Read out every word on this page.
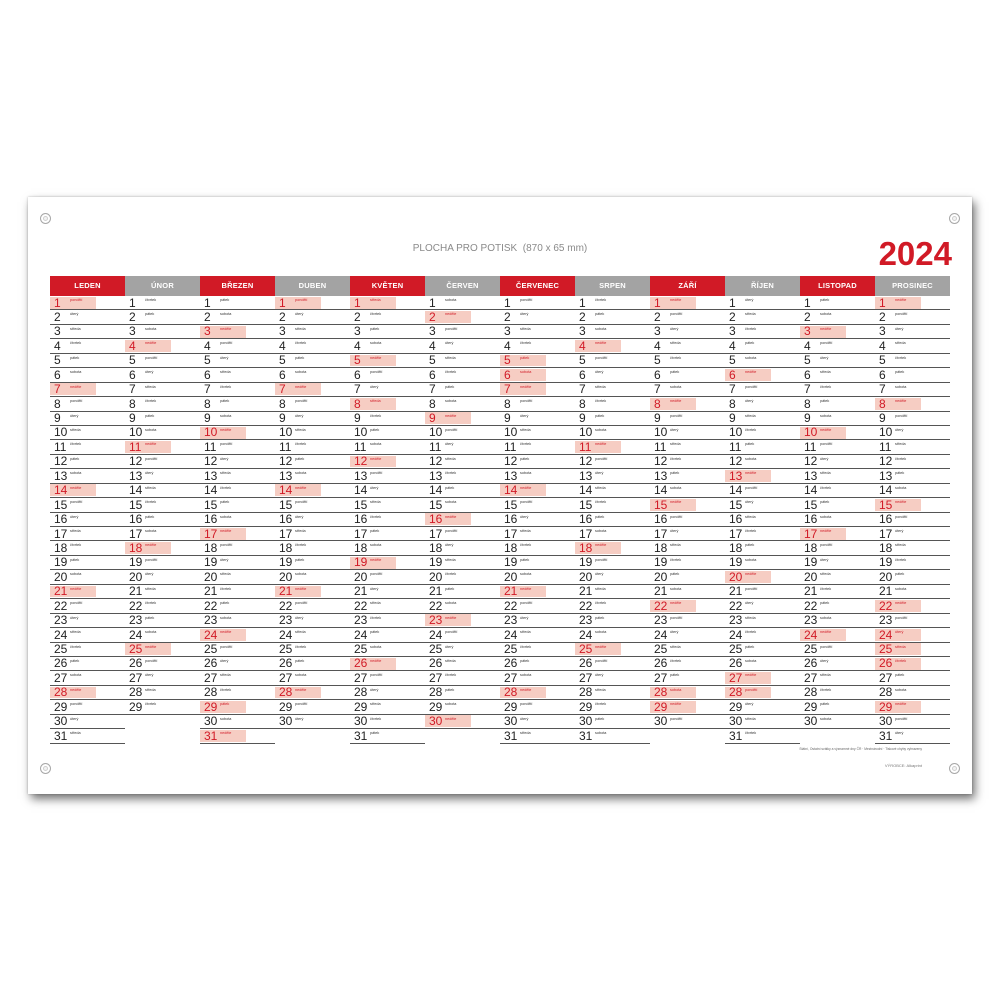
PLOCHA PRO POTISK (870 x 65 mm)	2024
LEDEN
1 pondělí
2 úterý
3 středa
4 čtvrtek
5 pátek
6 sobota
7 neděle
8 pondělí
9 úterý
10 středa
11 čtvrtek
12 pátek
13 sobota
14 neděle
15 pondělí
16 úterý
17 středa
18 čtvrtek
19 pátek
20 sobota
21 neděle
22 pondělí
23 úterý
24 středa
25 čtvrtek
26 pátek
27 sobota
28 neděle
29 pondělí
30 úterý
31 středa
ÚNOR
1 čtvrtek
2 pátek
3 sobota
4 neděle
5 pondělí
6 úterý
7 středa
8 čtvrtek
9 pátek
10 sobota
11 neděle
12 pondělí
13 úterý
14 středa
15 čtvrtek
16 pátek
17 sobota
18 neděle
19 pondělí
20 úterý
21 středa
22 čtvrtek
23 pátek
24 sobota
25 neděle
26 pondělí
27 úterý
28 středa
29 čtvrtek
BŘEZEN
1 pátek
2 sobota
3 neděle
4 pondělí
5 úterý
6 středa
7 čtvrtek
8 pátek
9 sobota
10 neděle
11 pondělí
12 úterý
13 středa
14 čtvrtek
15 pátek
16 sobota
17 neděle
18 pondělí
19 úterý
20 středa
21 čtvrtek
22 pátek
23 sobota
24 neděle
25 pondělí
26 úterý
27 středa
28 čtvrtek
29 pátek
30 sobota
31 neděle
DUBEN
1 pondělí
2 úterý
3 středa
4 čtvrtek
5 pátek
6 sobota
7 neděle
8 pondělí
9 úterý
10 středa
11 čtvrtek
12 pátek
13 sobota
14 neděle
15 pondělí
16 úterý
17 středa
18 čtvrtek
19 pátek
20 sobota
21 neděle
22 pondělí
23 úterý
24 středa
25 čtvrtek
26 pátek
27 sobota
28 neděle
29 pondělí
30 úterý
KVĚTEN
1 středa
2 čtvrtek
3 pátek
4 sobota
5 neděle
6 pondělí
7 úterý
8 středa
9 čtvrtek
10 pátek
11 sobota
12 neděle
13 pondělí
14 úterý
15 středa
16 čtvrtek
17 pátek
18 sobota
19 neděle
20 pondělí
21 úterý
22 středa
23 čtvrtek
24 pátek
25 sobota
26 neděle
27 pondělí
28 úterý
29 středa
30 čtvrtek
31 pátek
ČERVEN
1 sobota
2 neděle
3 pondělí
4 úterý
5 středa
6 čtvrtek
7 pátek
8 sobota
9 neděle
10 pondělí
11 úterý
12 středa
13 čtvrtek
14 pátek
15 sobota
16 neděle
17 pondělí
18 úterý
19 středa
20 čtvrtek
21 pátek
22 sobota
23 neděle
24 pondělí
25 úterý
26 středa
27 čtvrtek
28 pátek
29 sobota
30 neděle
ČERVENEC
1 pondělí
2 úterý
3 středa
4 čtvrtek
5 pátek
6 sobota
7 neděle
8 pondělí
9 úterý
10 středa
11 čtvrtek
12 pátek
13 sobota
14 neděle
15 pondělí
16 úterý
17 středa
18 čtvrtek
19 pátek
20 sobota
21 neděle
22 pondělí
23 úterý
24 středa
25 čtvrtek
26 pátek
27 sobota
28 neděle
29 pondělí
30 úterý
31 středa
SRPEN
1 čtvrtek
2 pátek
3 sobota
4 neděle
5 pondělí
6 úterý
7 středa
8 čtvrtek
9 pátek
10 sobota
11 neděle
12 pondělí
13 úterý
14 středa
15 čtvrtek
16 pátek
17 sobota
18 neděle
19 pondělí
20 úterý
21 středa
22 čtvrtek
23 pátek
24 sobota
25 neděle
26 pondělí
27 úterý
28 středa
29 čtvrtek
30 pátek
31 sobota
ZÁŘÍ
1 neděle
2 pondělí
3 úterý
4 středa
5 čtvrtek
6 pátek
7 sobota
8 neděle
9 pondělí
10 úterý
11 středa
12 čtvrtek
13 pátek
14 sobota
15 neděle
16 pondělí
17 úterý
18 středa
19 čtvrtek
20 pátek
21 sobota
22 neděle
23 pondělí
24 úterý
25 středa
26 čtvrtek
27 pátek
28 sobota
29 neděle
30 pondělí
ŘÍJEN
1 úterý
2 středa
3 čtvrtek
4 pátek
5 sobota
6 neděle
7 pondělí
8 úterý
9 středa
10 čtvrtek
11 pátek
12 sobota
13 neděle
14 pondělí
15 úterý
16 středa
17 čtvrtek
18 pátek
19 sobota
20 neděle
21 pondělí
22 úterý
23 středa
24 čtvrtek
25 pátek
26 sobota
27 neděle
28 pondělí
29 úterý
30 středa
31 čtvrtek
LISTOPAD
1 pátek
2 sobota
3 neděle
4 pondělí
5 úterý
6 středa
7 čtvrtek
8 pátek
9 sobota
10 neděle
11 pondělí
12 úterý
13 středa
14 čtvrtek
15 pátek
16 sobota
17 neděle
18 pondělí
19 úterý
20 středa
21 čtvrtek
22 pátek
23 sobota
24 neděle
25 pondělí
26 úterý
27 středa
28 čtvrtek
29 pátek
30 sobota
PROSINEC
1 neděle
2 pondělí
3 úterý
4 středa
5 čtvrtek
6 pátek
7 sobota
8 neděle
9 pondělí
10 úterý
11 středa
12 čtvrtek
13 pátek
14 sobota
15 neděle
16 pondělí
17 úterý
18 středa
19 čtvrtek
20 pátek
21 sobota
22 neděle
23 pondělí
24 úterý
25 středa
26 čtvrtek
27 pátek
28 sobota
29 neděle
30 pondělí
31 úterý
Státní, Ostatní svátky a významné dny ČR · Mezinárodní · Tiskové chyby vyhrazeny
VÝROBCE: Alkaprint
